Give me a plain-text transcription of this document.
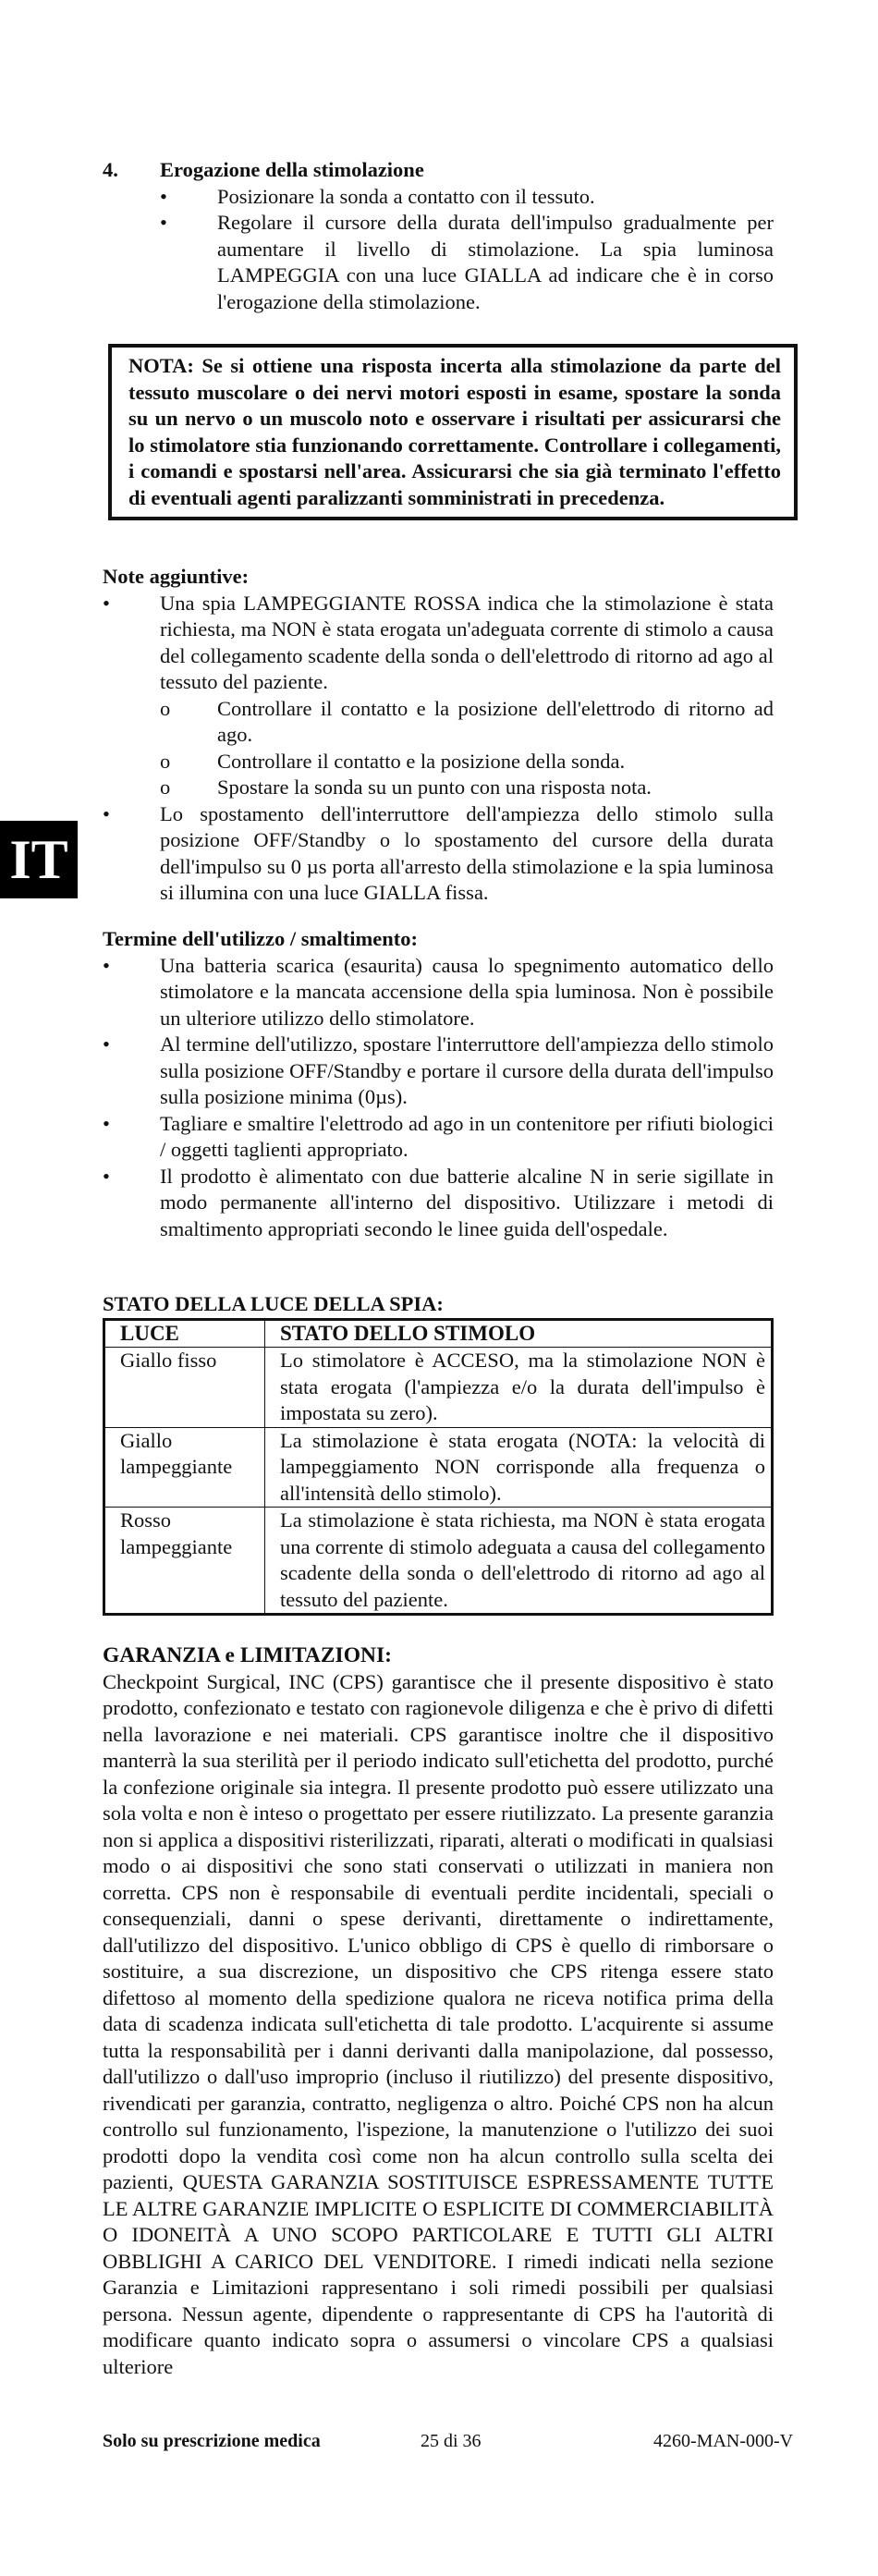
IT
4.	Erogazione della stimolazione
• Posizionare la sonda a contatto con il tessuto.
• Regolare il cursore della durata dell'impulso gradualmente per aumentare il livello di stimolazione. La spia luminosa LAMPEGGIA con una luce GIALLA ad indicare che è in corso l'erogazione della stimolazione.
NOTA: Se si ottiene una risposta incerta alla stimolazione da parte del tessuto muscolare o dei nervi motori esposti in esame, spostare la sonda su un nervo o un muscolo noto e osservare i risultati per assicurarsi che lo stimolatore stia funzionando correttamente. Controllare i collegamenti, i comandi e spostarsi nell'area. Assicurarsi che sia già terminato l'effetto di eventuali agenti paralizzanti somministrati in precedenza.
Note aggiuntive:
• Una spia LAMPEGGIANTE ROSSA indica che la stimolazione è stata richiesta, ma NON è stata erogata un'adeguata corrente di stimolo a causa del collegamento scadente della sonda o dell'elettrodo di ritorno ad ago al tessuto del paziente.
o Controllare il contatto e la posizione dell'elettrodo di ritorno ad ago.
o Controllare il contatto e la posizione della sonda.
o Spostare la sonda su un punto con una risposta nota.
• Lo spostamento dell'interruttore dell'ampiezza dello stimolo sulla posizione OFF/Standby o lo spostamento del cursore della durata dell'impulso su 0 µs porta all'arresto della stimolazione e la spia luminosa si illumina con una luce GIALLA fissa.
Termine dell'utilizzo / smaltimento:
• Una batteria scarica (esaurita) causa lo spegnimento automatico dello stimolatore e la mancata accensione della spia luminosa. Non è possibile un ulteriore utilizzo dello stimolatore.
• Al termine dell'utilizzo, spostare l'interruttore dell'ampiezza dello stimolo sulla posizione OFF/Standby e portare il cursore della durata dell'impulso sulla posizione minima (0µs).
• Tagliare e smaltire l'elettrodo ad ago in un contenitore per rifiuti biologici / oggetti taglienti appropriato.
• Il prodotto è alimentato con due batterie alcaline N in serie sigillate in modo permanente all'interno del dispositivo. Utilizzare i metodi di smaltimento appropriati secondo le linee guida dell'ospedale.
STATO DELLA LUCE DELLA SPIA:
LUCE	STATO DELLO STIMOLO
Giallo fisso	Lo stimolatore è ACCESO, ma la stimolazione NON è stata erogata (l'ampiezza e/o la durata dell'impulso è impostata su zero).
Giallo lampeggiante	La stimolazione è stata erogata (NOTA: la velocità di lampeggiamento NON corrisponde alla frequenza o all'intensità dello stimolo).
Rosso lampeggiante	La stimolazione è stata richiesta, ma NON è stata erogata una corrente di stimolo adeguata a causa del collegamento scadente della sonda o dell'elettrodo di ritorno ad ago al tessuto del paziente.
GARANZIA e LIMITAZIONI:
Checkpoint Surgical, INC (CPS) garantisce che il presente dispositivo è stato prodotto, confezionato e testato con ragionevole diligenza e che è privo di difetti nella lavorazione e nei materiali. CPS garantisce inoltre che il dispositivo manterrà la sua sterilità per il periodo indicato sull'etichetta del prodotto, purché la confezione originale sia integra. Il presente prodotto può essere utilizzato una sola volta e non è inteso o progettato per essere riutilizzato. La presente garanzia non si applica a dispositivi risterilizzati, riparati, alterati o modificati in qualsiasi modo o ai dispositivi che sono stati conservati o utilizzati in maniera non corretta. CPS non è responsabile di eventuali perdite incidentali, speciali o consequenziali, danni o spese derivanti, direttamente o indirettamente, dall'utilizzo del dispositivo. L'unico obbligo di CPS è quello di rimborsare o sostituire, a sua discrezione, un dispositivo che CPS ritenga essere stato difettoso al momento della spedizione qualora ne riceva notifica prima della data di scadenza indicata sull'etichetta di tale prodotto. L'acquirente si assume tutta la responsabilità per i danni derivanti dalla manipolazione, dal possesso, dall'utilizzo o dall'uso improprio (incluso il riutilizzo) del presente dispositivo, rivendicati per garanzia, contratto, negligenza o altro. Poiché CPS non ha alcun controllo sul funzionamento, l'ispezione, la manutenzione o l'utilizzo dei suoi prodotti dopo la vendita così come non ha alcun controllo sulla scelta dei pazienti, QUESTA GARANZIA SOSTITUISCE ESPRESSAMENTE TUTTE LE ALTRE GARANZIE IMPLICITE O ESPLICITE DI COMMERCIABILITÀ O IDONEITÀ A UNO SCOPO PARTICOLARE E TUTTI GLI ALTRI OBBLIGHI A CARICO DEL VENDITORE. I rimedi indicati nella sezione Garanzia e Limitazioni rappresentano i soli rimedi possibili per qualsiasi persona. Nessun agente, dipendente o rappresentante di CPS ha l'autorità di modificare quanto indicato sopra o assumersi o vincolare CPS a qualsiasi ulteriore
Solo su prescrizione medica	25 di 36	4260-MAN-000-V
